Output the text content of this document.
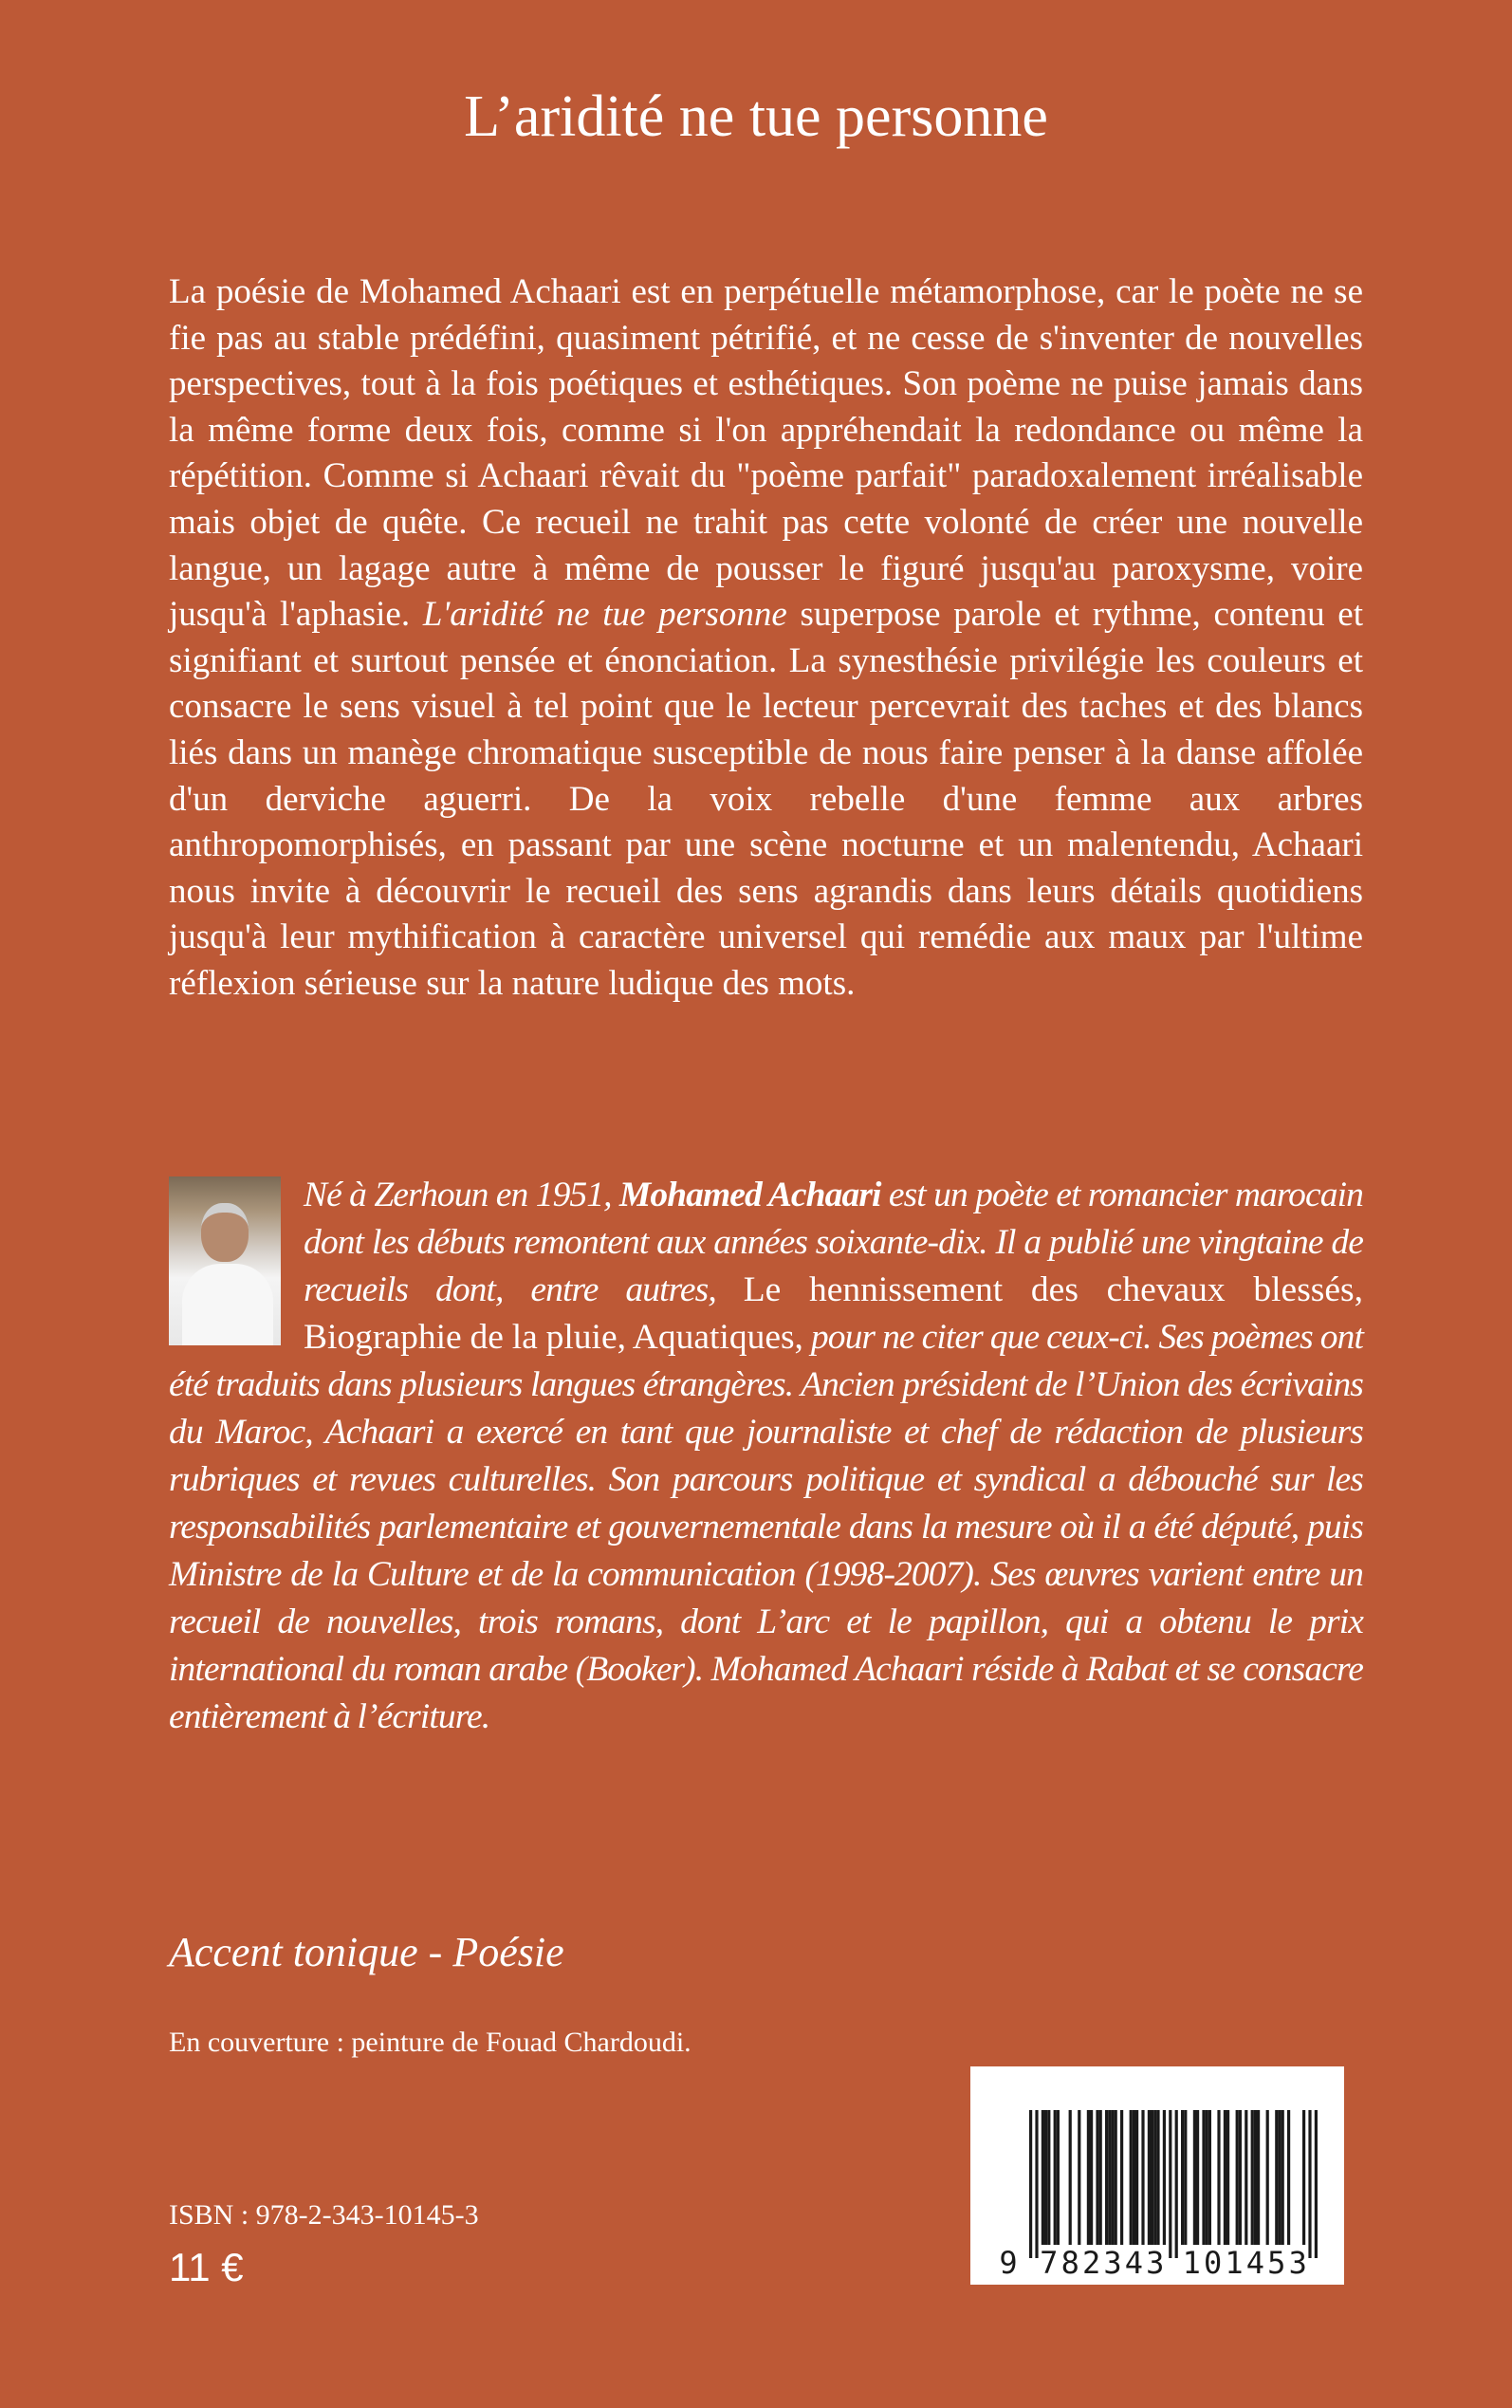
L’aridité ne tue personne

La poésie de Mohamed Achaari est en perpétuelle métamorphose, car le poète ne se fie pas au stable prédéfini, quasiment pétrifié, et ne cesse de s'inventer de nouvelles perspectives, tout à la fois poétiques et esthétiques. Son poème ne puise jamais dans la même forme deux fois, comme si l'on appréhendait la redondance ou même la répétition. Comme si Achaari rêvait du "poème parfait" paradoxalement irréalisable mais objet de quête. Ce recueil ne trahit pas cette volonté de créer une nouvelle langue, un lagage autre à même de pousser le figuré jusqu'au paroxysme, voire jusqu'à l'aphasie. L'aridité ne tue personne superpose parole et rythme, contenu et signifiant et surtout pensée et énonciation. La synesthésie privilégie les couleurs et consacre le sens visuel à tel point que le lecteur percevrait des taches et des blancs liés dans un manège chromatique susceptible de nous faire penser à la danse affolée d'un derviche aguerri. De la voix rebelle d'une femme aux arbres anthropomorphisés, en passant par une scène nocturne et un malentendu, Achaari nous invite à découvrir le recueil des sens agrandis dans leurs détails quotidiens jusqu'à leur mythification à caractère universel qui remédie aux maux par l'ultime réflexion sérieuse sur la nature ludique des mots.

Né à Zerhoun en 1951, Mohamed Achaari est un poète et romancier marocain dont les débuts remontent aux années soixante-dix. Il a publié une vingtaine de recueils dont, entre autres, Le hennissement des chevaux blessés, Biographie de la pluie, Aquatiques, pour ne citer que ceux-ci. Ses poèmes ont été traduits dans plusieurs langues étrangères. Ancien président de l’Union des écrivains du Maroc, Achaari a exercé en tant que journaliste et chef de rédaction de plusieurs rubriques et revues culturelles. Son parcours politique et syndical a débouché sur les responsabilités parlementaire et gouvernementale dans la mesure où il a été député, puis Ministre de la Culture et de la communication (1998-2007). Ses œuvres varient entre un recueil de nouvelles, trois romans, dont L’arc et le papillon, qui a obtenu le prix international du roman arabe (Booker). Mohamed Achaari réside à Rabat et se consacre entièrement à l’écriture.
Accent tonique - Poésie
En couverture : peinture de Fouad Chardoudi.
ISBN : 978-2-343-10145-3
11 €	9 7 8 2 3 4 3 1 0 1 4 5 3
